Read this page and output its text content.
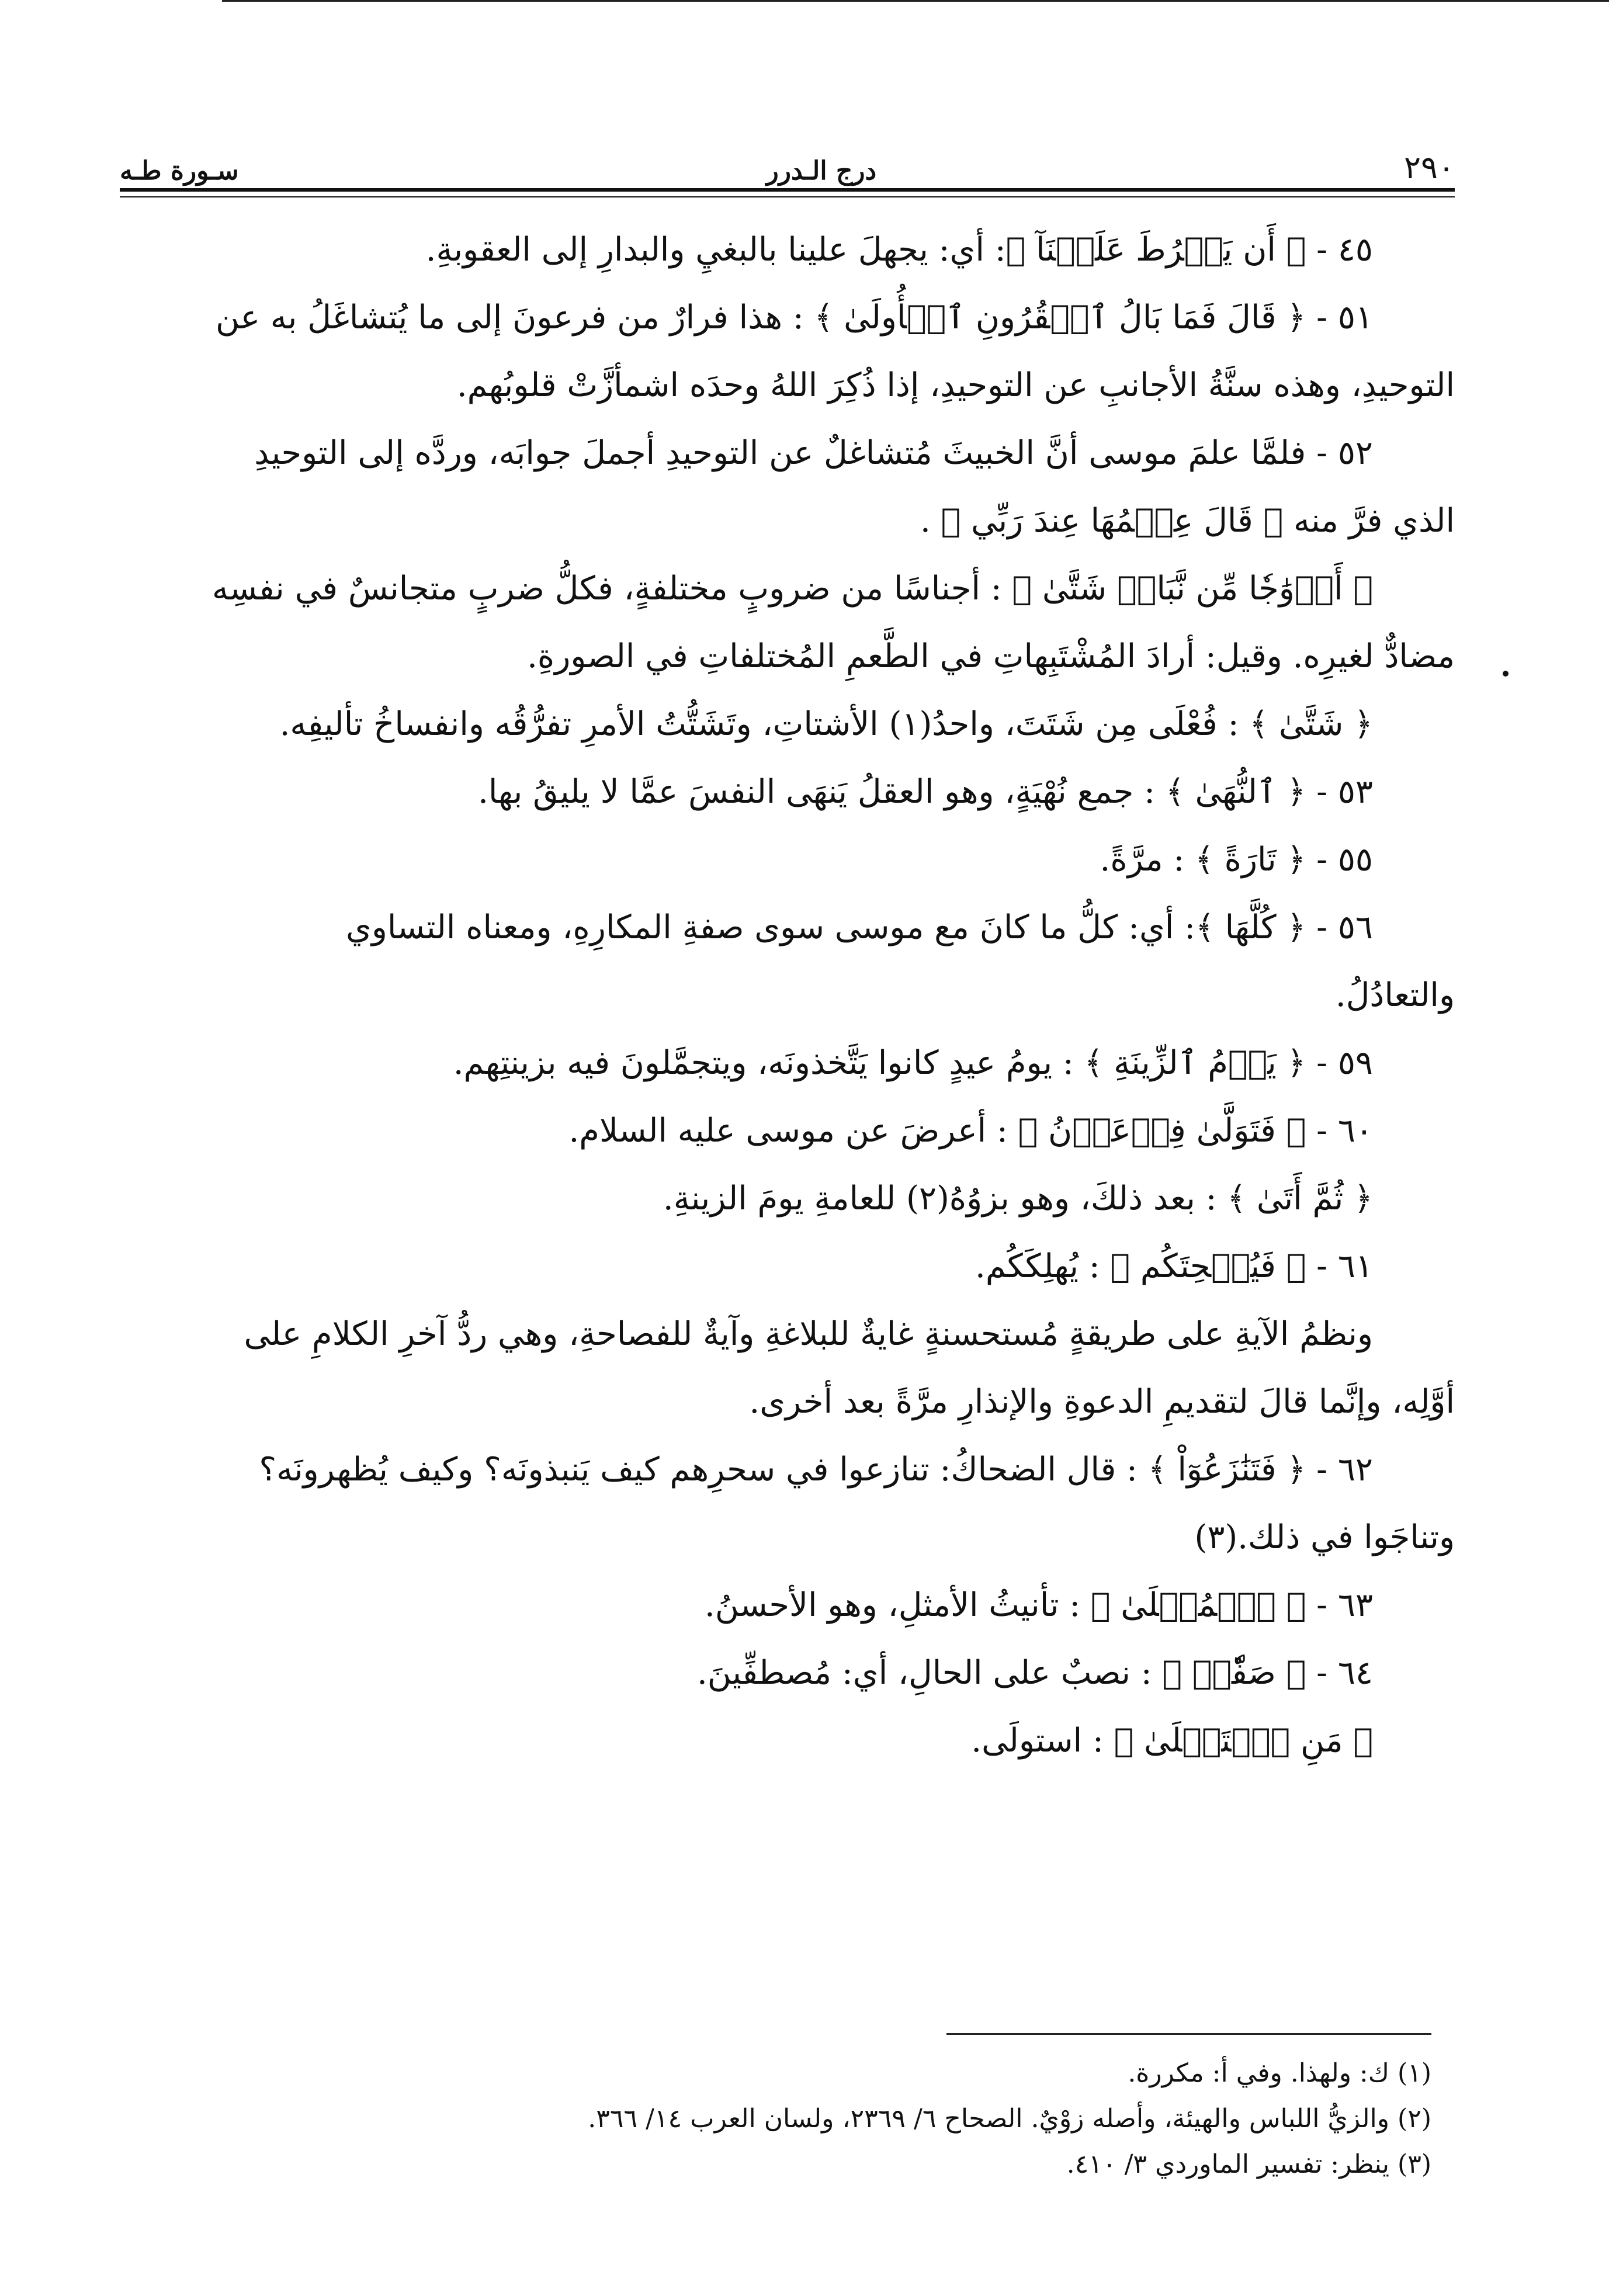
٢٩٠
درج الـدرر
سـورة طـه

٤٥ - ﴿ أَن يَفۡرُطَ عَلَيۡنَآ ﴾: أي: يجهلَ علينا بالبغيِ والبدارِ إلى العقوبةِ.

٥١ - ﴿ قَالَ فَمَا بَالُ ٱلۡقُرُونِ ٱلۡأُولَىٰ ﴾ : هذا فرارٌ من فرعونَ إلى ما يُتشاغَلُ به عن

التوحيدِ، وهذه سنَّةُ الأجانبِ عن التوحيدِ، إذا ذُكِرَ اللهُ وحدَه اشمأزَّتْ قلوبُهم.

٥٢ - فلمَّا علمَ موسى أنَّ الخبيثَ مُتشاغلٌ عن التوحيدِ أجملَ جوابَه، وردَّه إلى التوحيدِ

الذي فرَّ منه ﴿ قَالَ عِلۡمُهَا عِندَ رَبِّي ﴾ .

﴿ أَزۡوَٰجٗا مِّن نَّبَاتٖ شَتَّىٰ ﴾ : أجناسًا من ضروبٍ مختلفةٍ، فكلُّ ضربٍ متجانسٌ في نفسِه

مضادٌّ لغيرِه. وقيل: أرادَ المُشْتَبِهاتِ في الطَّعمِ المُختلفاتِ في الصورةِ.

﴿ شَتَّىٰ ﴾ : فُعْلَى مِن شَتَتَ، واحدُ(١) الأشتاتِ، وتَشَتُّتُ الأمرِ تفرُّقُه وانفساخُ تأليفِه.

٥٣ - ﴿ ٱلنُّهَىٰ ﴾ : جمع نُهْيَةٍ، وهو العقلُ يَنهَى النفسَ عمَّا لا يليقُ بها.

٥٥ - ﴿ تَارَةً ﴾ : مرَّةً.

٥٦ - ﴿ كُلَّهَا ﴾: أي: كلُّ ما كانَ مع موسى سوى صفةِ المكارِهِ، ومعناه التساوي

والتعادُلُ.

٥٩ - ﴿ يَوۡمُ ٱلزِّينَةِ ﴾ : يومُ عيدٍ كانوا يَتَّخذونَه، ويتجمَّلونَ فيه بزينتِهم.

٦٠ - ﴿ فَتَوَلَّىٰ فِرۡعَوۡنُ ﴾ : أعرضَ عن موسى عليه السلام.

﴿ ثُمَّ أَتَىٰ ﴾ : بعد ذلكَ، وهو بزوُهُ(٢) للعامةِ يومَ الزينةِ.

٦١ - ﴿ فَيُسۡحِتَكُم ﴾ : يُهلِكَكُم.

ونظمُ الآيةِ على طريقةٍ مُستحسنةٍ غايةٌ للبلاغةِ وآيةٌ للفصاحةِ، وهي ردُّ آخرِ الكلامِ على

أوَّلِه، وإنَّما قالَ لتقديمِ الدعوةِ والإنذارِ مرَّةً بعد أخرى.

٦٢ - ﴿ فَتَنَٰزَعُوٓاْ ﴾ : قال الضحاكُ: تنازعوا في سحرِهم كيف يَنبذونَه؟ وكيف يُظهرونَه؟

وتناجَوا في ذلك.(٣)

٦٣ - ﴿ ٱلۡمُثۡلَىٰ ﴾ : تأنيثُ الأمثلِ، وهو الأحسنُ.

٦٤ - ﴿ صَفّٗاۚ ﴾ : نصبٌ على الحالِ، أي: مُصطفِّينَ.

﴿ مَنِ ٱسۡتَعۡلَىٰ ﴾ : استولَى.

(١) ك: ولهذا. وفي أ: مكررة.

(٢) والزيُّ اللباس والهيئة، وأصله زوْيٌ. الصحاح ٦/ ٢٣٦٩، ولسان العرب ١٤/ ٣٦٦.

(٣) ينظر: تفسير الماوردي ٣/ ٤١٠.
